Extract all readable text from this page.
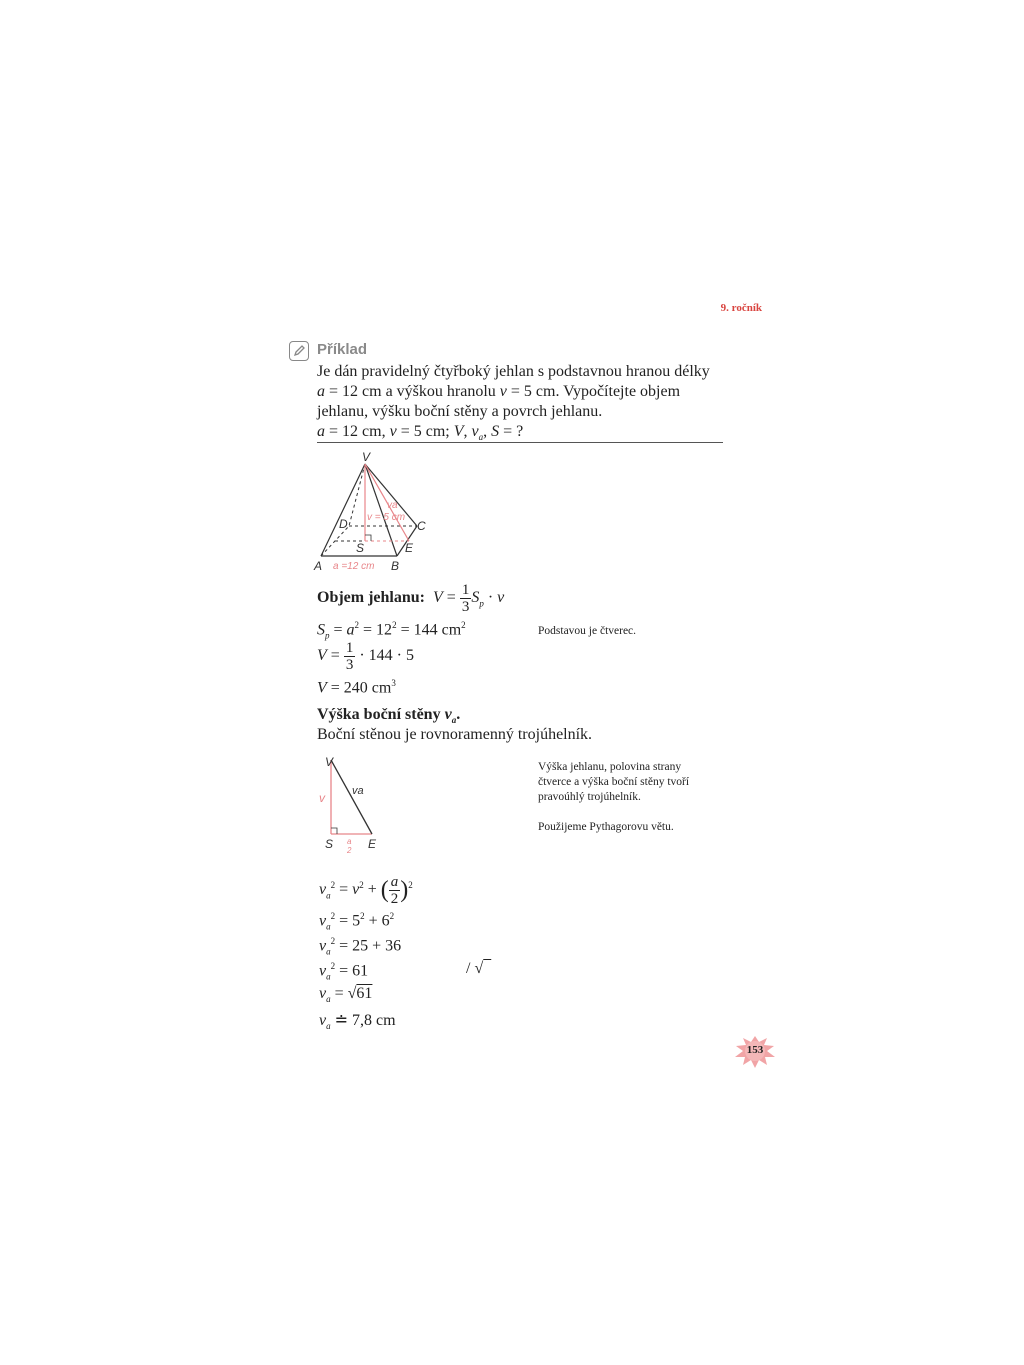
9. ročník
Příklad
Je dán pravidelný čtyřboký jehlan s podstavnou hranou délky
a = 12 cm a výškou hranolu v = 5 cm. Vypočítejte objem
jehlanu, výšku boční stěny a povrch jehlanu.
a = 12 cm, v = 5 cm; V, $v_a$, S = ?
V
A	B
C
D
E
S
va
v = 5 cm
a =12 cm
Objem jehlanu: $V = \frac{1}{3} S_p \cdot v$
$S_p = a^2 = 12^2 = 144$ $cm^2$	Podstavou je čtverec.
$V = \frac{1}{3} \cdot 144 \cdot 5$
V = 240 $cm^3$
Výška boční stěny $v_a$.
Boční stěnou je rovnoramenný trojúhelník.
V
v va
S	E
a
2
Výška jehlanu, polovina strany
čtverce a výška boční stěny tvoří
pravoúhlý trojúhelník.
Použijeme Pythagorovu větu.
$v_a^2 = v^2$ + ( $\frac{a}{2} )^2$
$v_a^2 = 5^2 + 6^2$
$v_a^2 = 25 + 36$
$v_a^2 = 61$	/ √
$v_a = √61$
$v_a$ ≐ 7,8 cm
153
